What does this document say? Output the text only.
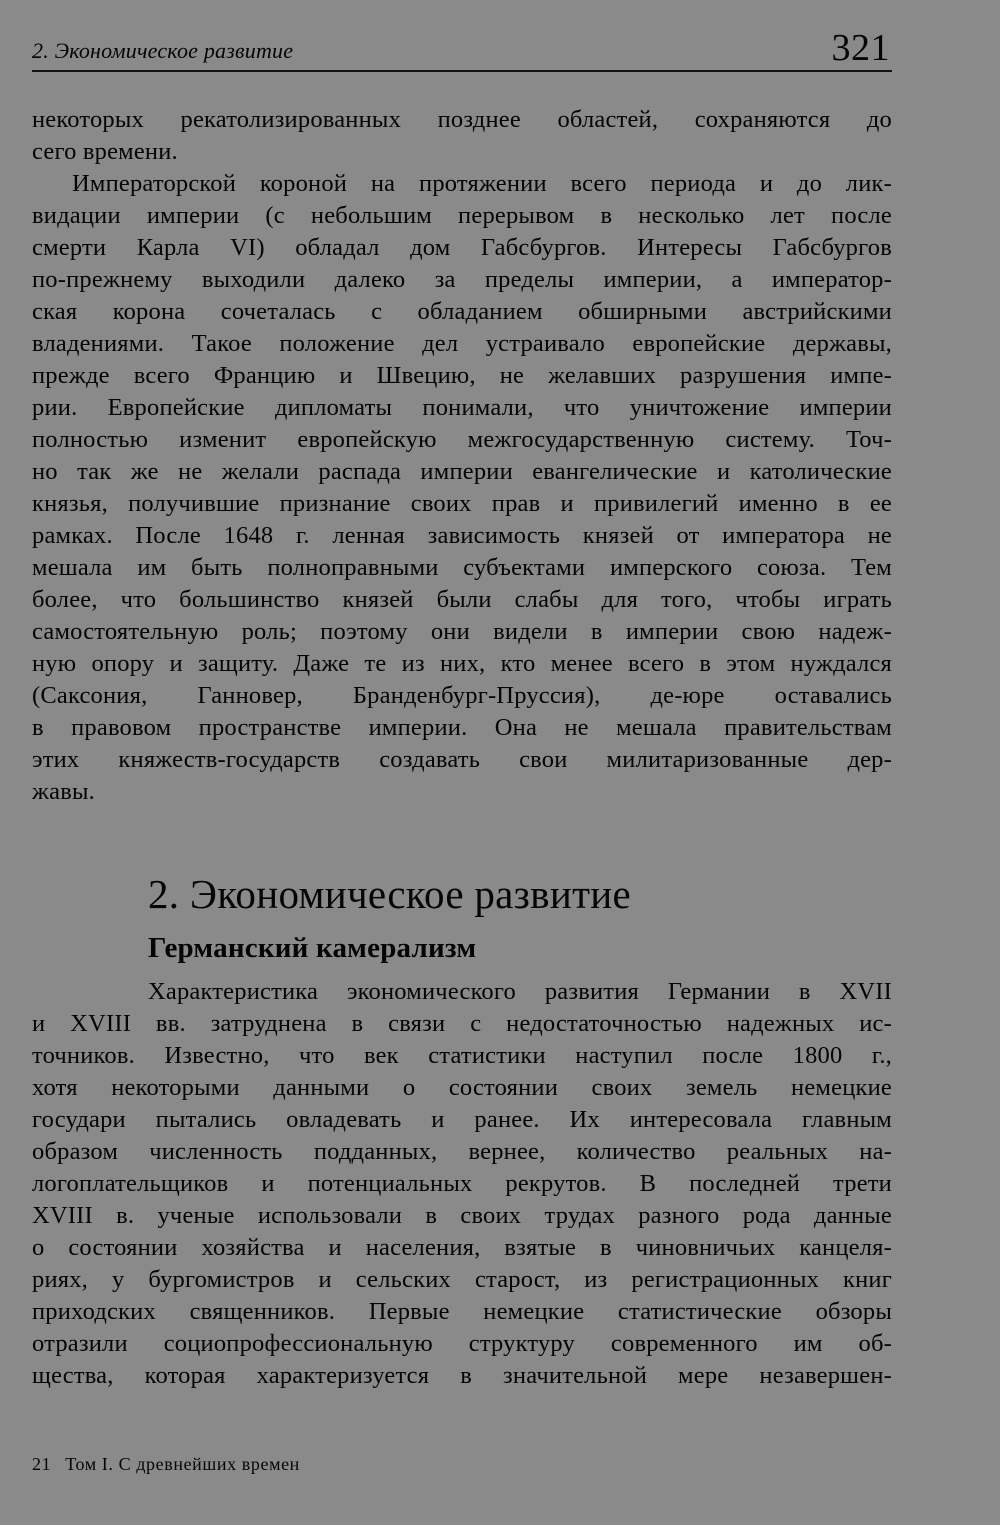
2. Экономическое развитие	321
некоторых рекатолизированных позднее областей, сохраняются до
сего времени.
Императорской короной на протяжении всего периода и до лик-
видации империи (с небольшим перерывом в несколько лет после
смерти Карла VI) обладал дом Габсбургов. Интересы Габсбургов
по-прежнему выходили далеко за пределы империи, а император-
ская корона сочеталась с обладанием обширными австрийскими
владениями. Такое положение дел устраивало европейские державы,
прежде всего Францию и Швецию, не желавших разрушения импе-
рии. Европейские дипломаты понимали, что уничтожение империи
полностью изменит европейскую межгосударственную систему. Точ-
но так же не желали распада империи евангелические и католические
князья, получившие признание своих прав и привилегий именно в ее
рамках. После 1648 г. ленная зависимость князей от императора не
мешала им быть полноправными субъектами имперского союза. Тем
более, что большинство князей были слабы для того, чтобы играть
самостоятельную роль; поэтому они видели в империи свою надеж-
ную опору и защиту. Даже те из них, кто менее всего в этом нуждался
(Саксония, Ганновер, Бранденбург-Пруссия), де-юре оставались
в правовом пространстве империи. Она не мешала правительствам
этих княжеств-государств создавать свои милитаризованные дер-
жавы.
2. Экономическое развитие
Германский камерализм
Характеристика экономического развития Германии в XVII
и XVIII вв. затруднена в связи с недостаточностью надежных ис-
точников. Известно, что век статистики наступил после 1800 г.,
хотя некоторыми данными о состоянии своих земель немецкие
государи пытались овладевать и ранее. Их интересовала главным
образом численность подданных, вернее, количество реальных на-
логоплательщиков и потенциальных рекрутов. В последней трети
XVIII в. ученые использовали в своих трудах разного рода данные
о состоянии хозяйства и населения, взятые в чиновничьих канцеля-
риях, у бургомистров и сельских старост, из регистрационных книг
приходских священников. Первые немецкие статистические обзоры
отразили социопрофессиональную структуру современного им об-
щества, которая характеризуется в значительной мере незавершен-
21 Том I. С древнейших времен
